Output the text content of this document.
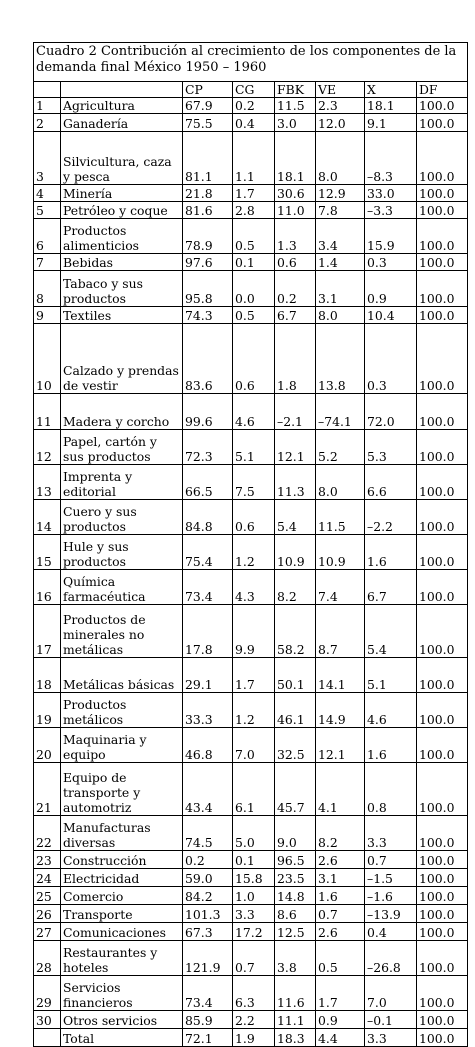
Cuadro 2 Contribución al crecimiento de los componentes de la demanda final México 1950 – 1960							
		CP	CG	FBK	VE	X	DF
1	Agricultura	67.9	0.2	11.5	2.3	18.1	100.0
2	Ganadería	75.5	0.4	3.0	12.0	9.1	100.0
3	Silvicultura, caza y pesca	81.1	1.1	18.1	8.0	–8.3	100.0
4	Minería	21.8	1.7	30.6	12.9	33.0	100.0
5	Petróleo y coque	81.6	2.8	11.0	7.8	–3.3	100.0
6	Productos alimenticios	78.9	0.5	1.3	3.4	15.9	100.0
7	Bebidas	97.6	0.1	0.6	1.4	0.3	100.0
8	Tabaco y sus productos	95.8	0.0	0.2	3.1	0.9	100.0
9	Textiles	74.3	0.5	6.7	8.0	10.4	100.0
10	Calzado y prendas de vestir	83.6	0.6	1.8	13.8	0.3	100.0
11	Madera y corcho	99.6	4.6	–2.1	–74.1	72.0	100.0
12	Papel, cartón y sus productos	72.3	5.1	12.1	5.2	5.3	100.0
13	Imprenta y editorial	66.5	7.5	11.3	8.0	6.6	100.0
14	Cuero y sus productos	84.8	0.6	5.4	11.5	–2.2	100.0
15	Hule y sus productos	75.4	1.2	10.9	10.9	1.6	100.0
16	Química farmacéutica	73.4	4.3	8.2	7.4	6.7	100.0
17	Productos de minerales no metálicas	17.8	9.9	58.2	8.7	5.4	100.0
18	Metálicas básicas	29.1	1.7	50.1	14.1	5.1	100.0
19	Productos metálicos	33.3	1.2	46.1	14.9	4.6	100.0
20	Maquinaria y equipo	46.8	7.0	32.5	12.1	1.6	100.0
21	Equipo de transporte y automotriz	43.4	6.1	45.7	4.1	0.8	100.0
22	Manufacturas diversas	74.5	5.0	9.0	8.2	3.3	100.0
23	Construcción	0.2	0.1	96.5	2.6	0.7	100.0
24	Electricidad	59.0	15.8	23.5	3.1	–1.5	100.0
25	Comercio	84.2	1.0	14.8	1.6	–1.6	100.0
26	Transporte	101.3	3.3	8.6	0.7	–13.9	100.0
27	Comunicaciones	67.3	17.2	12.5	2.6	0.4	100.0
28	Restaurantes y hoteles	121.9	0.7	3.8	0.5	–26.8	100.0
29	Servicios financieros	73.4	6.3	11.6	1.7	7.0	100.0
30	Otros servicios	85.9	2.2	11.1	0.9	–0.1	100.0
	Total	72.1	1.9	18.3	4.4	3.3	100.0
